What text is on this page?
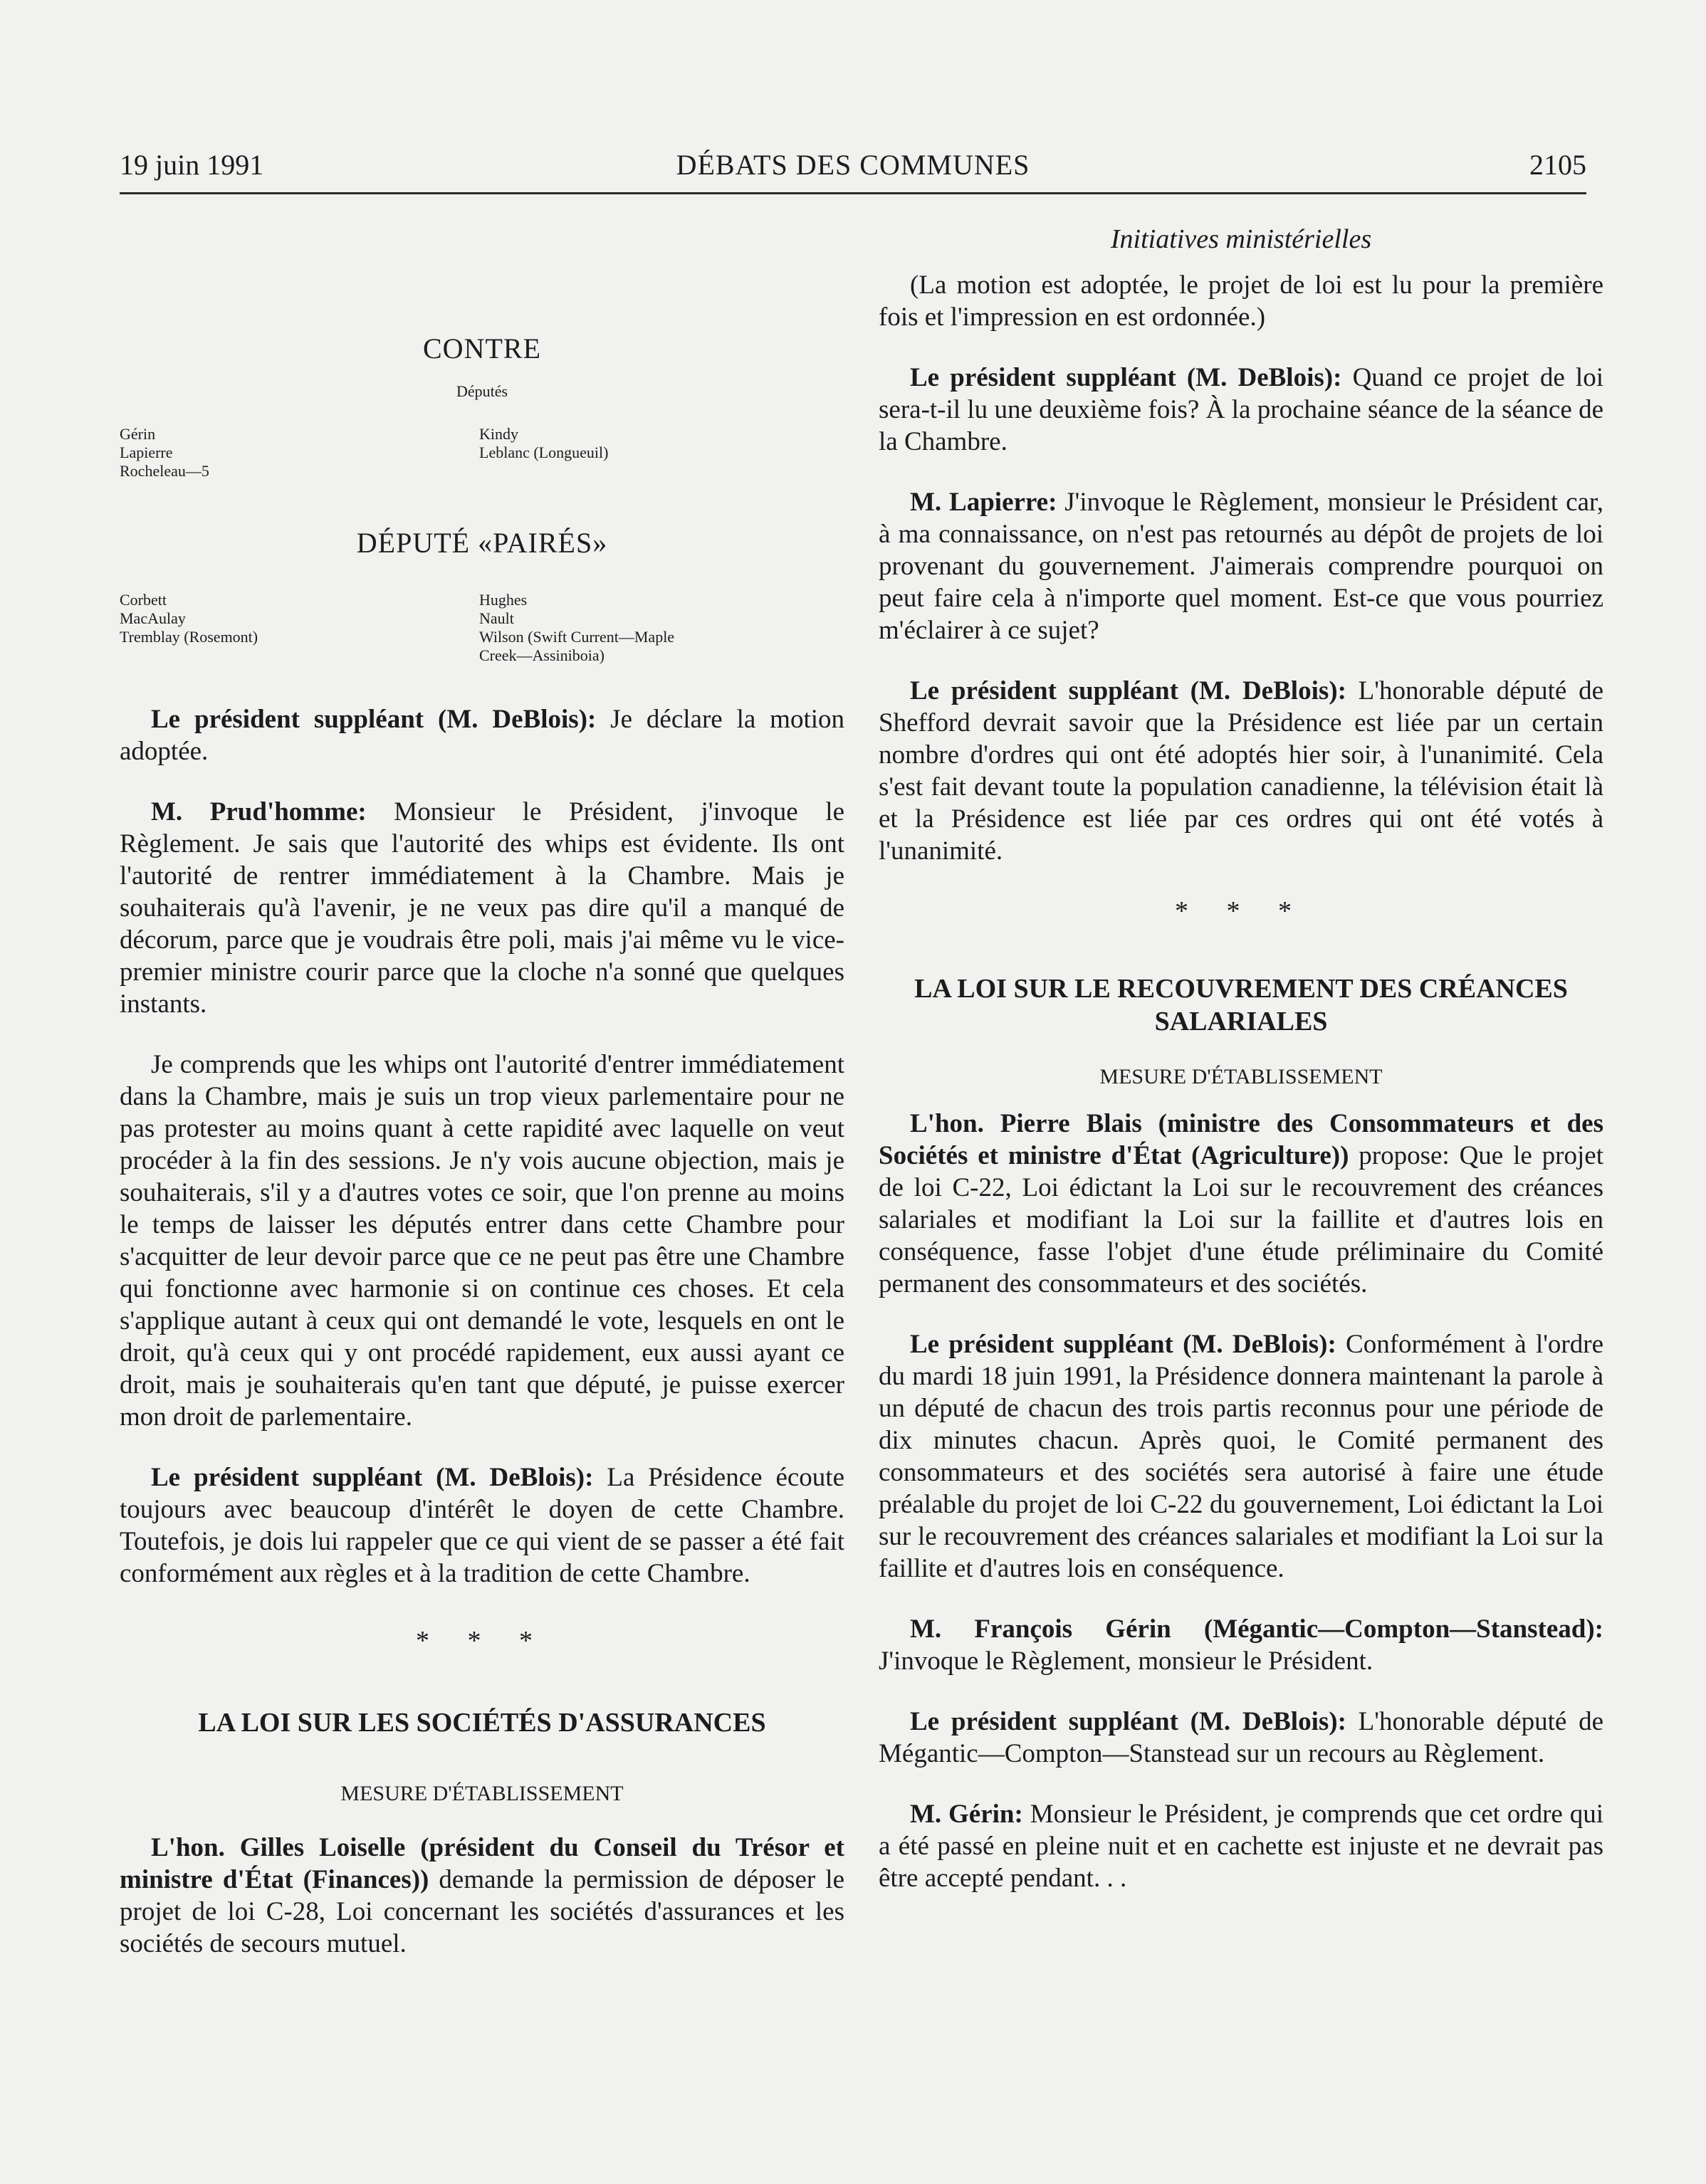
19 juin 1991	DÉBATS DES COMMUNES	2105
CONTRE
Députés
Gérin
Lapierre
Rocheleau—5
Kindy
Leblanc (Longueuil)
DÉPUTÉ «PAIRÉS»
Corbett
MacAulay
Tremblay (Rosemont)
Hughes
Nault
Wilson (Swift Current—Maple
Creek—Assiniboia)

Le président suppléant (M. DeBlois): Je déclare la motion adoptée.

M. Prud'homme: Monsieur le Président, j'invoque le Règlement. Je sais que l'autorité des whips est évidente. Ils ont l'autorité de rentrer immédiatement à la Chambre. Mais je souhaiterais qu'à l'avenir, je ne veux pas dire qu'il a manqué de décorum, parce que je voudrais être poli, mais j'ai même vu le vice-premier ministre courir parce que la cloche n'a sonné que quelques instants.

Je comprends que les whips ont l'autorité d'entrer immédiatement dans la Chambre, mais je suis un trop vieux parlementaire pour ne pas protester au moins quant à cette rapidité avec laquelle on veut procéder à la fin des sessions. Je n'y vois aucune objection, mais je souhaiterais, s'il y a d'autres votes ce soir, que l'on prenne au moins le temps de laisser les députés entrer dans cette Chambre pour s'acquitter de leur devoir parce que ce ne peut pas être une Chambre qui fonctionne avec harmonie si on continue ces choses. Et cela s'applique autant à ceux qui ont demandé le vote, lesquels en ont le droit, qu'à ceux qui y ont procédé rapidement, eux aussi ayant ce droit, mais je souhaiterais qu'en tant que député, je puisse exercer mon droit de parlementaire.

Le président suppléant (M. DeBlois): La Présidence écoute toujours avec beaucoup d'intérêt le doyen de cette Chambre. Toutefois, je dois lui rappeler que ce qui vient de se passer a été fait conformément aux règles et à la tradition de cette Chambre.

* * *
LA LOI SUR LES SOCIÉTÉS D'ASSURANCES
MESURE D'ÉTABLISSEMENT

L'hon. Gilles Loiselle (président du Conseil du Trésor et ministre d'État (Finances)) demande la permission de déposer le projet de loi C-28, Loi concernant les sociétés d'assurances et les sociétés de secours mutuel.

Initiatives ministérielles

(La motion est adoptée, le projet de loi est lu pour la première fois et l'impression en est ordonnée.)

Le président suppléant (M. DeBlois): Quand ce projet de loi sera-t-il lu une deuxième fois? À la prochaine séance de la séance de la Chambre.

M. Lapierre: J'invoque le Règlement, monsieur le Président car, à ma connaissance, on n'est pas retournés au dépôt de projets de loi provenant du gouvernement. J'aimerais comprendre pourquoi on peut faire cela à n'importe quel moment. Est-ce que vous pourriez m'éclairer à ce sujet?

Le président suppléant (M. DeBlois): L'honorable député de Shefford devrait savoir que la Présidence est liée par un certain nombre d'ordres qui ont été adoptés hier soir, à l'unanimité. Cela s'est fait devant toute la population canadienne, la télévision était là et la Présidence est liée par ces ordres qui ont été votés à l'unanimité.

* * *
LA LOI SUR LE RECOUVREMENT DES CRÉANCES SALARIALES
MESURE D'ÉTABLISSEMENT

L'hon. Pierre Blais (ministre des Consommateurs et des Sociétés et ministre d'État (Agriculture)) propose: Que le projet de loi C-22, Loi édictant la Loi sur le recouvrement des créances salariales et modifiant la Loi sur la faillite et d'autres lois en conséquence, fasse l'objet d'une étude préliminaire du Comité permanent des consommateurs et des sociétés.

Le président suppléant (M. DeBlois): Conformément à l'ordre du mardi 18 juin 1991, la Présidence donnera maintenant la parole à un député de chacun des trois partis reconnus pour une période de dix minutes chacun. Après quoi, le Comité permanent des consommateurs et des sociétés sera autorisé à faire une étude préalable du projet de loi C-22 du gouvernement, Loi édictant la Loi sur le recouvrement des créances salariales et modifiant la Loi sur la faillite et d'autres lois en conséquence.

M. François Gérin (Mégantic—Compton—Stanstead): J'invoque le Règlement, monsieur le Président.

Le président suppléant (M. DeBlois): L'honorable député de Mégantic—Compton—Stanstead sur un recours au Règlement.

M. Gérin: Monsieur le Président, je comprends que cet ordre qui a été passé en pleine nuit et en cachette est injuste et ne devrait pas être accepté pendant. . .
